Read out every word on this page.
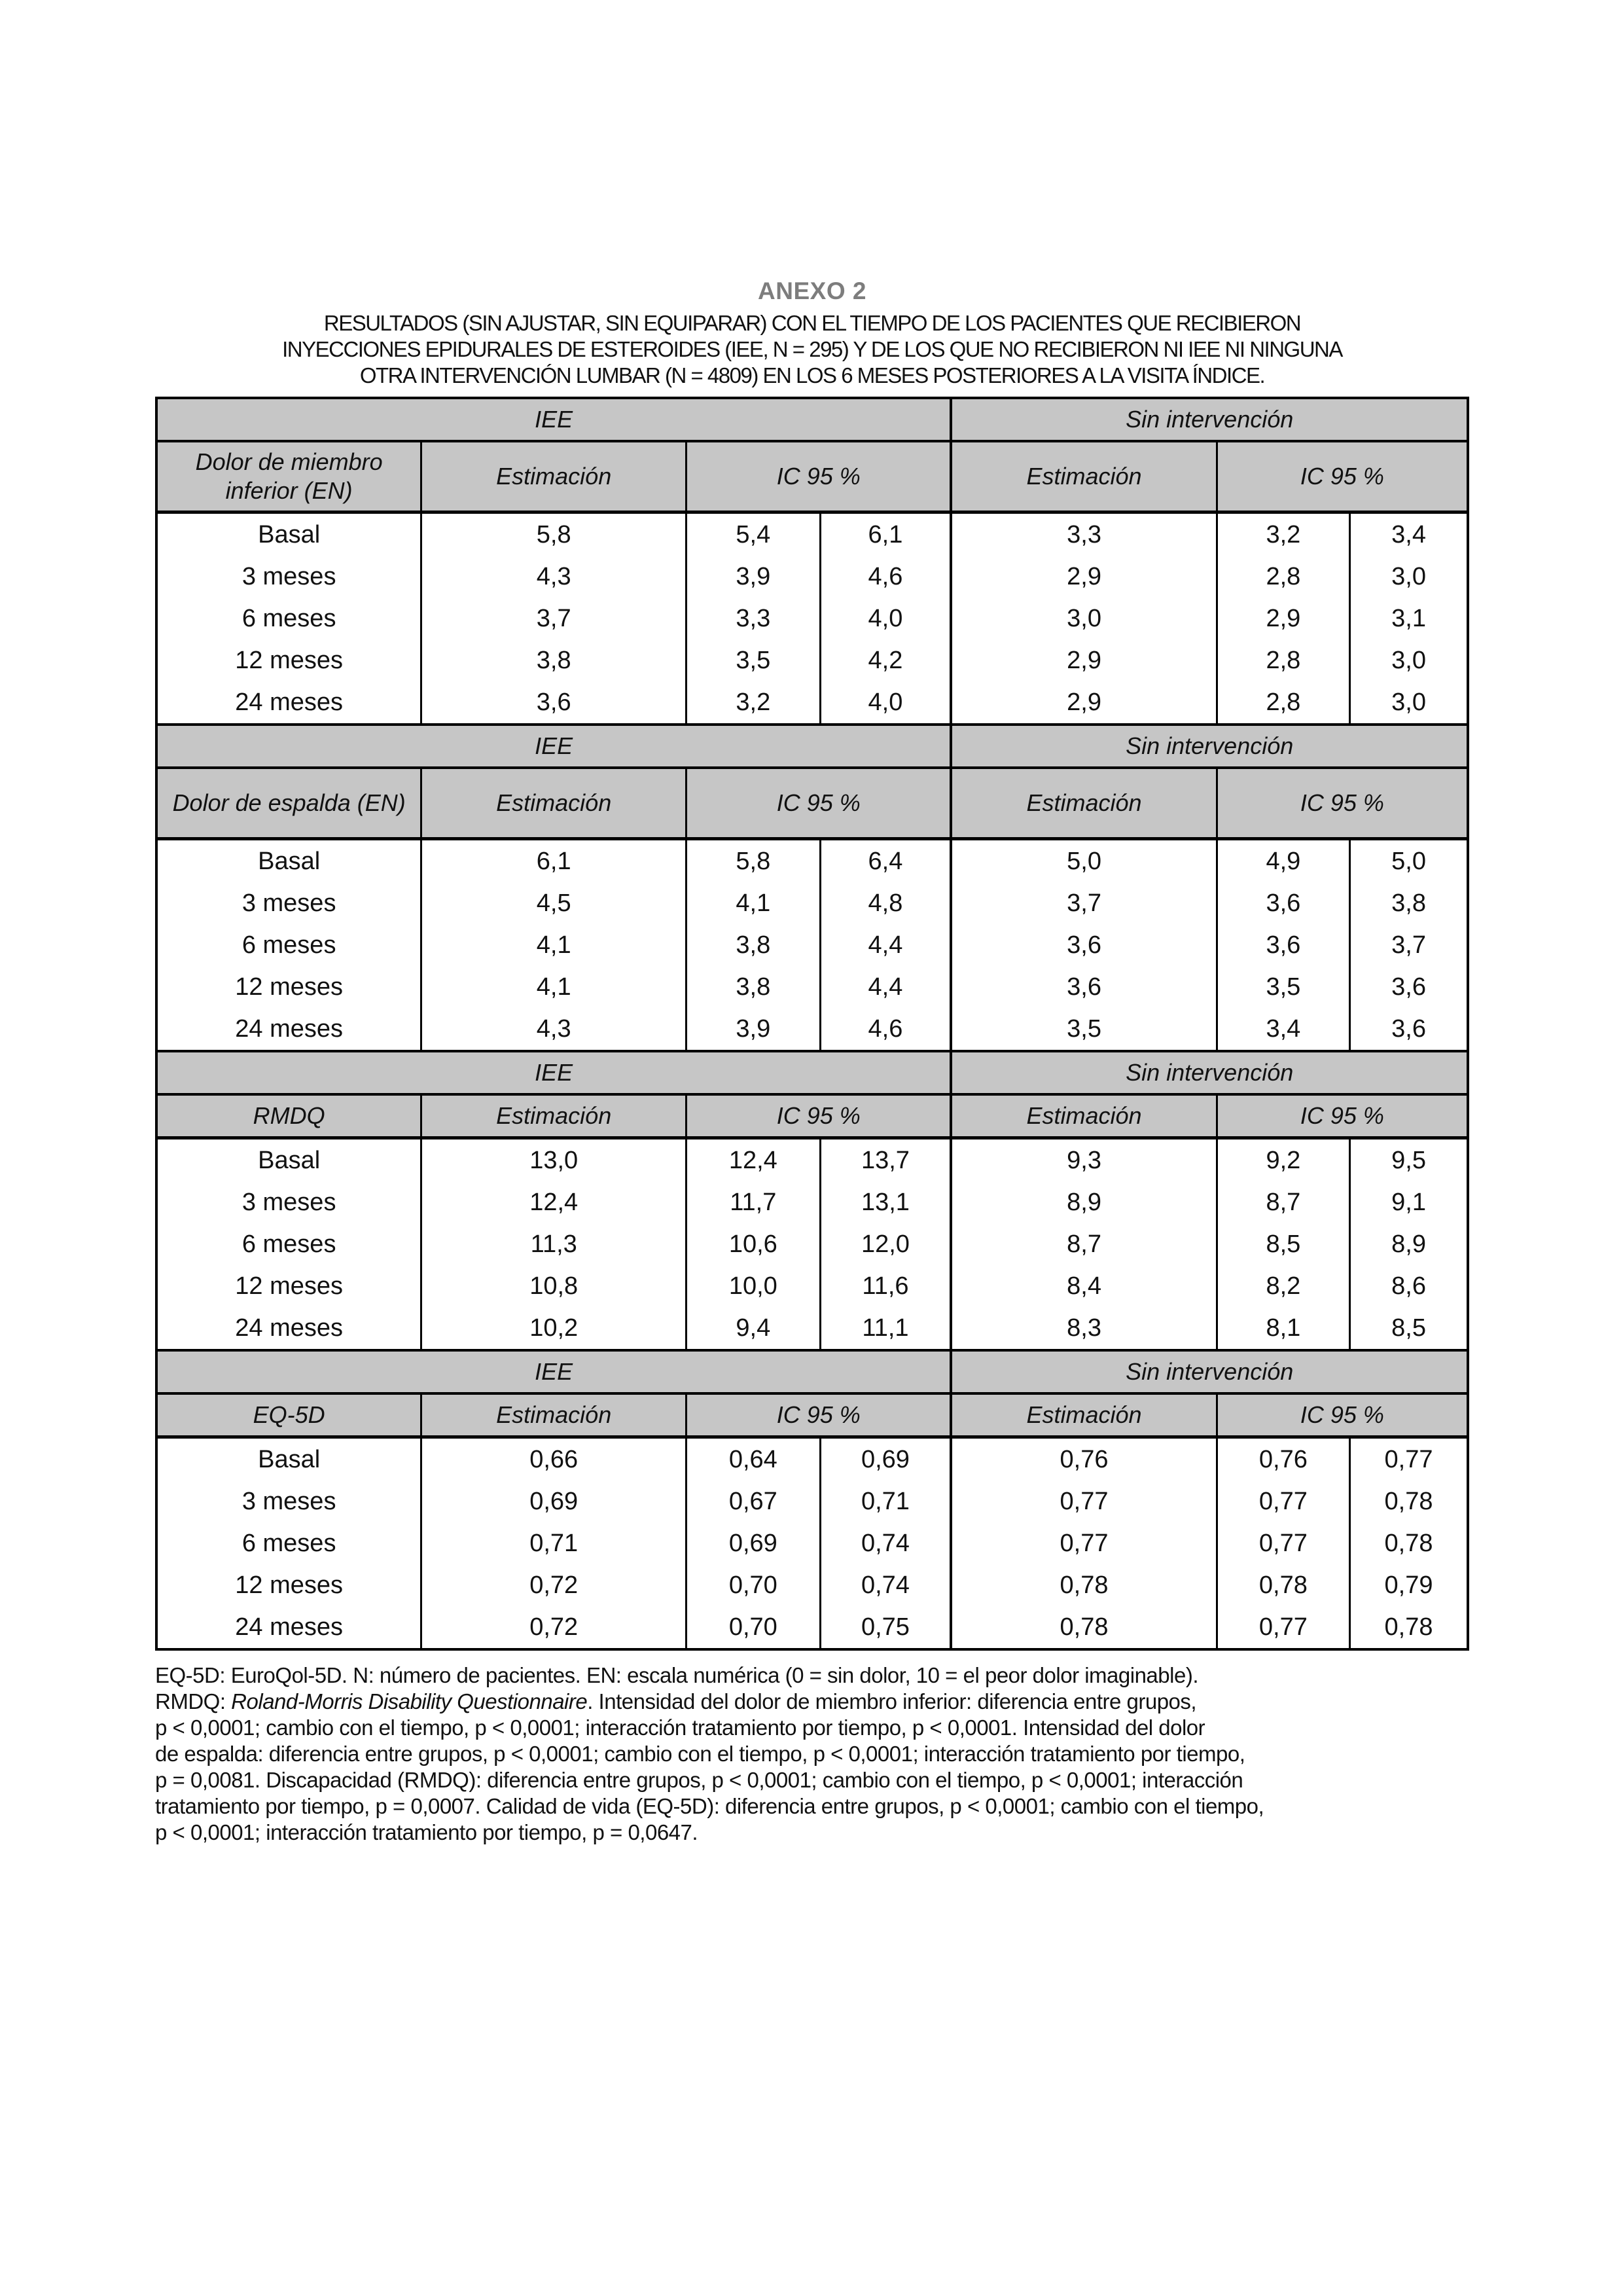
ANEXO 2
RESULTADOS (SIN AJUSTAR, SIN EQUIPARAR) CON EL TIEMPO DE LOS PACIENTES QUE RECIBIERON
INYECCIONES EPIDURALES DE ESTEROIDES (IEE, N = 295) Y DE LOS QUE NO RECIBIERON NI IEE NI NINGUNA
OTRA INTERVENCIÓN LUMBAR (N = 4809) EN LOS 6 MESES POSTERIORES A LA VISITA ÍNDICE.
IEE				Sin intervención		
Dolor de miembro inferior (EN)	Estimación	IC 95 %		Estimación	IC 95 %	
Basal	5,8	5,4	6,1	3,3	3,2	3,4
3 meses	4,3	3,9	4,6	2,9	2,8	3,0
6 meses	3,7	3,3	4,0	3,0	2,9	3,1
12 meses	3,8	3,5	4,2	2,9	2,8	3,0
24 meses	3,6	3,2	4,0	2,9	2,8	3,0
IEE				Sin intervención		
Dolor de espalda (EN)	Estimación	IC 95 %		Estimación	IC 95 %	
Basal	6,1	5,8	6,4	5,0	4,9	5,0
3 meses	4,5	4,1	4,8	3,7	3,6	3,8
6 meses	4,1	3,8	4,4	3,6	3,6	3,7
12 meses	4,1	3,8	4,4	3,6	3,5	3,6
24 meses	4,3	3,9	4,6	3,5	3,4	3,6
IEE				Sin intervención		
RMDQ	Estimación	IC 95 %		Estimación	IC 95 %	
Basal	13,0	12,4	13,7	9,3	9,2	9,5
3 meses	12,4	11,7	13,1	8,9	8,7	9,1
6 meses	11,3	10,6	12,0	8,7	8,5	8,9
12 meses	10,8	10,0	11,6	8,4	8,2	8,6
24 meses	10,2	9,4	11,1	8,3	8,1	8,5
IEE				Sin intervención		
EQ-5D	Estimación	IC 95 %		Estimación	IC 95 %	
Basal	0,66	0,64	0,69	0,76	0,76	0,77
3 meses	0,69	0,67	0,71	0,77	0,77	0,78
6 meses	0,71	0,69	0,74	0,77	0,77	0,78
12 meses	0,72	0,70	0,74	0,78	0,78	0,79
24 meses	0,72	0,70	0,75	0,78	0,77	0,78
EQ-5D: EuroQol-5D. N: número de pacientes. EN: escala numérica (0 = sin dolor, 10 = el peor dolor imaginable).
RMDQ: Roland-Morris Disability Questionnaire. Intensidad del dolor de miembro inferior: diferencia entre grupos,
p < 0,0001; cambio con el tiempo, p < 0,0001; interacción tratamiento por tiempo, p < 0,0001. Intensidad del dolor
de espalda: diferencia entre grupos, p < 0,0001; cambio con el tiempo, p < 0,0001; interacción tratamiento por tiempo,
p = 0,0081. Discapacidad (RMDQ): diferencia entre grupos, p < 0,0001; cambio con el tiempo, p < 0,0001; interacción
tratamiento por tiempo, p = 0,0007. Calidad de vida (EQ-5D): diferencia entre grupos, p < 0,0001; cambio con el tiempo,
p < 0,0001; interacción tratamiento por tiempo, p = 0,0647.
